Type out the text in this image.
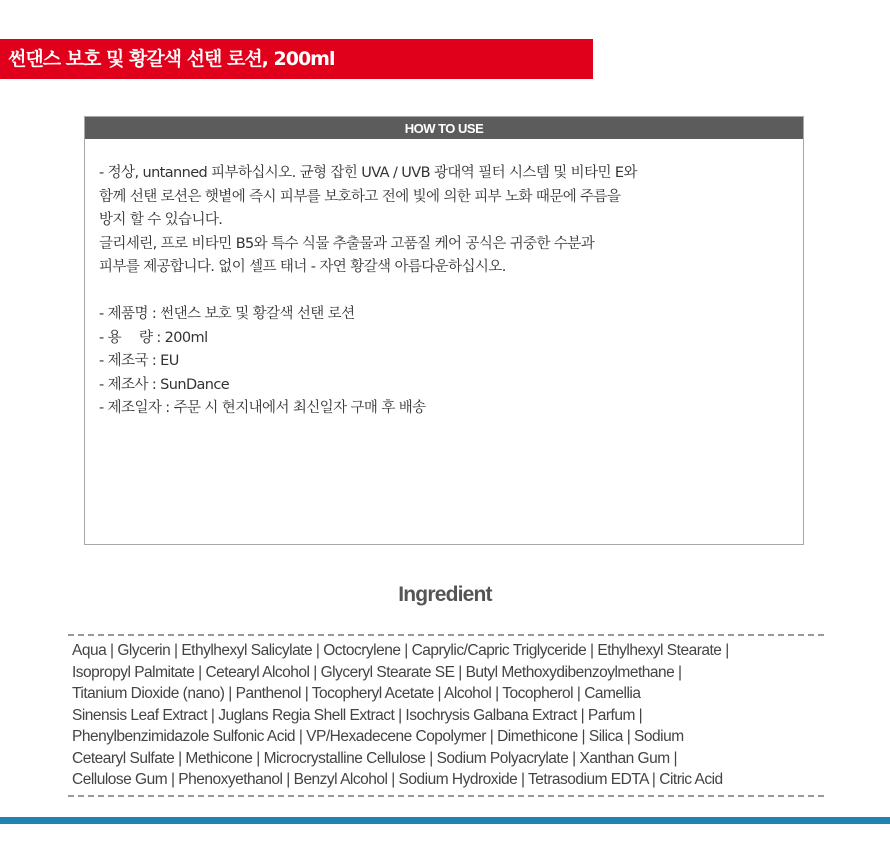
썬댄스 보호 및 황갈색 선탠 로션, 200ml
HOW TO USE
- 정상, untanned 피부하십시오. 균형 잡힌 UVA / UVB 광대역 필터 시스템 및 비타민 E와
함께 선탠 로션은 햇볕에 즉시 피부를 보호하고 전에 빛에 의한 피부 노화 때문에 주름을
방지 할 수 있습니다.
글리세린, 프로 비타민 B5와 특수 식물 추출물과 고품질 케어 공식은 귀중한 수분과
피부를 제공합니다. 없이 셀프 태너 - 자연 황갈색 아름다운하십시오.
- 제품명 : 썬댄스 보호 및 황갈색 선탠 로션
- 용　 량 : 200ml
- 제조국 : EU
- 제조사 : SunDance
- 제조일자 : 주문 시 현지내에서 최신일자 구매 후 배송
Ingredient
Aqua | Glycerin | Ethylhexyl Salicylate | Octocrylene | Caprylic/Capric Triglyceride | Ethylhexyl Stearate |
Isopropyl Palmitate | Cetearyl Alcohol | Glyceryl Stearate SE | Butyl Methoxydibenzoylmethane |
Titanium Dioxide (nano) | Panthenol | Tocopheryl Acetate | Alcohol | Tocopherol | Camellia
Sinensis Leaf Extract | Juglans Regia Shell Extract | Isochrysis Galbana Extract | Parfum |
Phenylbenzimidazole Sulfonic Acid | VP/Hexadecene Copolymer | Dimethicone | Silica | Sodium
Cetearyl Sulfate | Methicone | Microcrystalline Cellulose | Sodium Polyacrylate | Xanthan Gum |
Cellulose Gum | Phenoxyethanol | Benzyl Alcohol | Sodium Hydroxide | Tetrasodium EDTA | Citric Acid
